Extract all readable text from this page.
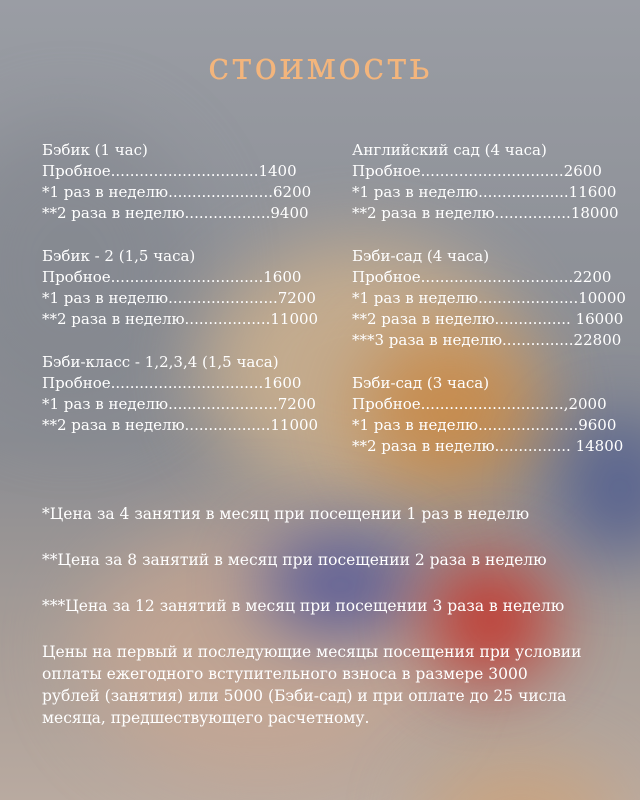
стоимость
Бэбик (1 час)
Пробное...............................1400
*1 раз в неделю......................6200
**2 раза в неделю..................9400
Бэбик - 2 (1,5 часа)
Пробное................................1600
*1 раз в неделю.......................7200
**2 раза в неделю..................11000
Бэби-класс - 1,2,3,4 (1,5 часа)
Пробное................................1600
*1 раз в неделю.......................7200
**2 раза в неделю..................11000
Английский сад (4 часа)
Пробное..............................2600
*1 раз в неделю...................11600
**2 раза в неделю................18000
Бэби-сад (4 часа)
Пробное................................2200
*1 раз в неделю.....................10000
**2 раза в неделю................ 16000
***3 раза в неделю...............22800
Бэби-сад (3 часа)
Пробное..............................,2000
*1 раз в неделю.....................9600
**2 раза в неделю................ 14800
*Цена за 4 занятия в месяц при посещении 1 раз в неделю
**Цена за 8 занятий в месяц при посещении 2 раза в неделю
***Цена за 12 занятий в месяц при посещении 3 раза в неделю
Цены на первый и последующие месяцы посещения при условии оплаты ежегодного вступительного взноса в размере 3000 рублей (занятия) или 5000 (Бэби-сад) и при оплате до 25 числа месяца, предшествующего расчетному.
